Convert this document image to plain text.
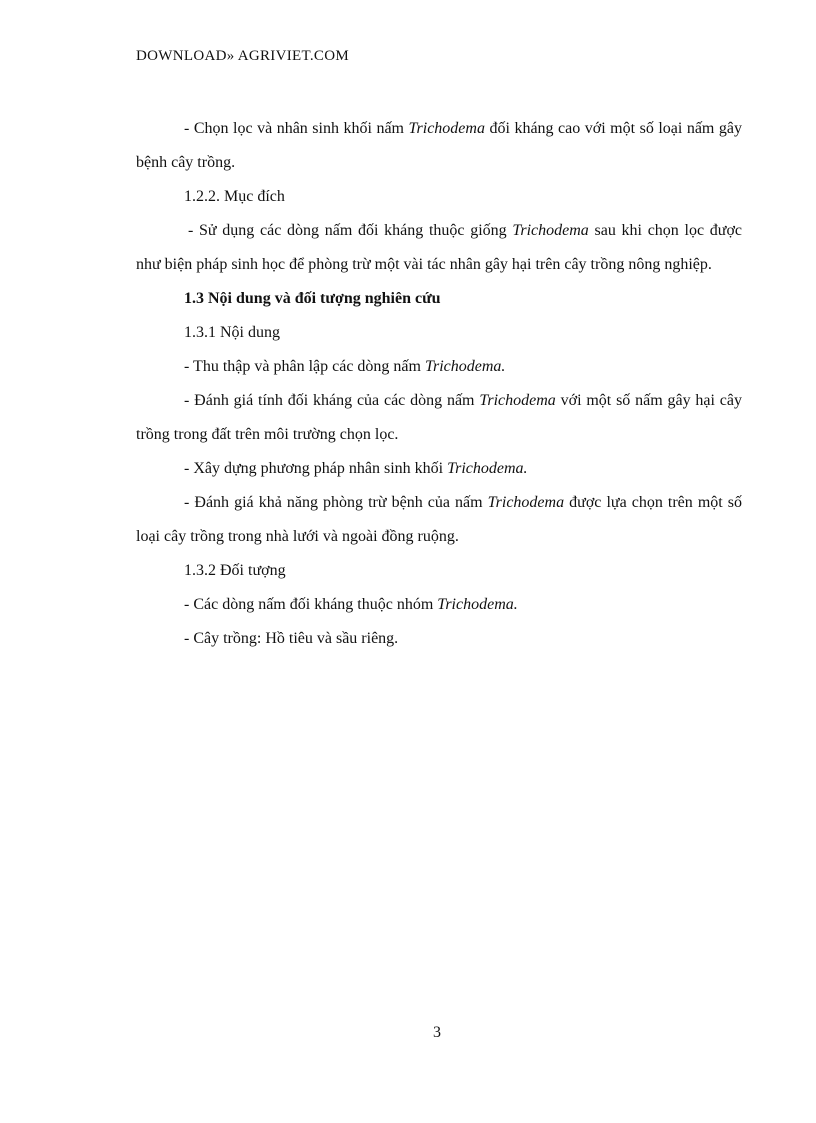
DOWNLOAD» AGRIVIET.COM

- Chọn lọc và nhân sinh khối nấm Trichodema đối kháng cao với một số loại nấm gây bệnh cây trồng.

1.2.2. Mục đích

- Sử dụng các dòng nấm đối kháng thuộc giống Trichodema sau khi chọn lọc được như biện pháp sinh học để phòng trừ một vài tác nhân gây hại trên cây trồng nông nghiệp.

1.3 Nội dung và đối tượng nghiên cứu

1.3.1 Nội dung

- Thu thập và phân lập các dòng nấm Trichodema.

- Đánh giá tính đối kháng của các dòng nấm Trichodema với một số nấm gây hại cây trồng trong đất trên môi trường chọn lọc.

- Xây dựng phương pháp nhân sinh khối Trichodema.

- Đánh giá khả năng phòng trừ bệnh của nấm Trichodema được lựa chọn trên một số loại cây trồng trong nhà lưới và ngoài đồng ruộng.

1.3.2 Đối tượng

- Các dòng nấm đối kháng thuộc nhóm Trichodema.

- Cây trồng: Hồ tiêu và sầu riêng.

3
